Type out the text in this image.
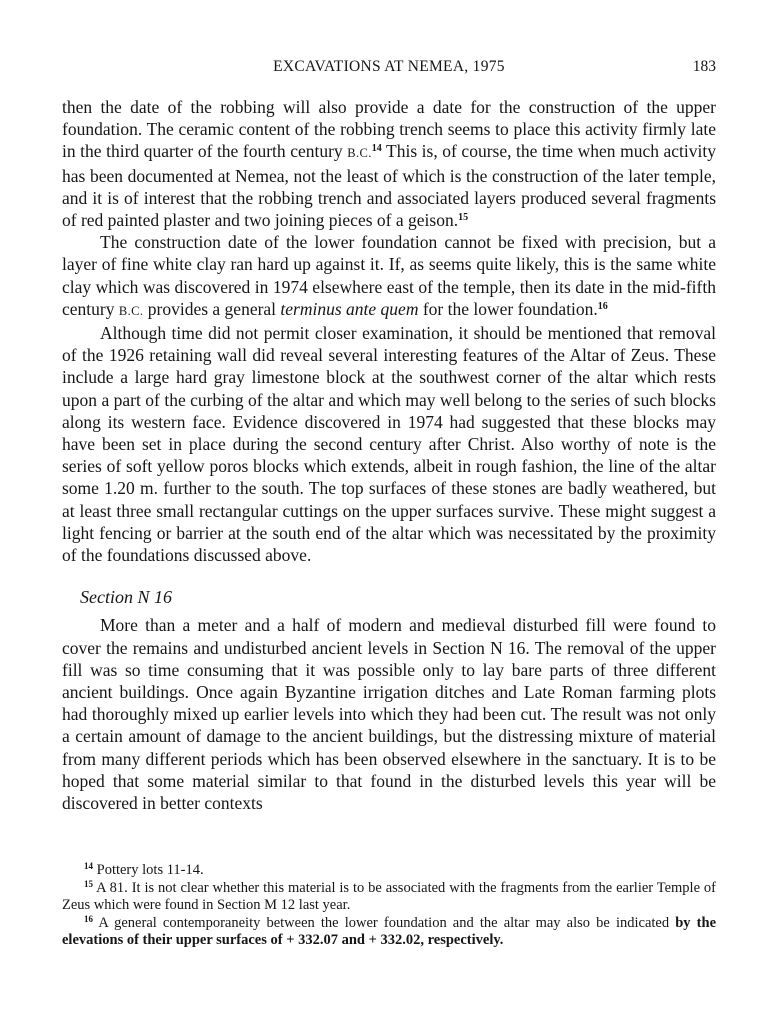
EXCAVATIONS AT NEMEA, 1975	183

then the date of the robbing will also provide a date for the construction of the upper foundation. The ceramic content of the robbing trench seems to place this activity firmly late in the third quarter of the fourth century B.C.$^{14}$ This is, of course, the time when much activity has been documented at Nemea, not the least of which is the construction of the later temple, and it is of interest that the robbing trench and associated layers produced several fragments of red painted plaster and two joining pieces of a geison.$^{15}$

The construction date of the lower foundation cannot be fixed with precision, but a layer of fine white clay ran hard up against it. If, as seems quite likely, this is the same white clay which was discovered in 1974 elsewhere east of the temple, then its date in the mid-fifth century B.C. provides a general terminus ante quem for the lower foundation.$^{16}$

Although time did not permit closer examination, it should be mentioned that removal of the 1926 retaining wall did reveal several interesting features of the Altar of Zeus. These include a large hard gray limestone block at the southwest corner of the altar which rests upon a part of the curbing of the altar and which may well belong to the series of such blocks along its western face. Evidence discovered in 1974 had suggested that these blocks may have been set in place during the second century after Christ. Also worthy of note is the series of soft yellow poros blocks which extends, albeit in rough fashion, the line of the altar some 1.20 m. further to the south. The top surfaces of these stones are badly weathered, but at least three small rectangular cuttings on the upper surfaces survive. These might suggest a light fencing or barrier at the south end of the altar which was necessitated by the proximity of the foundations discussed above.

Section N 16

More than a meter and a half of modern and medieval disturbed fill were found to cover the remains and undisturbed ancient levels in Section N 16. The removal of the upper fill was so time consuming that it was possible only to lay bare parts of three different ancient buildings. Once again Byzantine irrigation ditches and Late Roman farming plots had thoroughly mixed up earlier levels into which they had been cut. The result was not only a certain amount of damage to the ancient buildings, but the distressing mixture of material from many different periods which has been observed elsewhere in the sanctuary. It is to be hoped that some material similar to that found in the disturbed levels this year will be discovered in better contexts

$^{14}$ Pottery lots 11-14.

$^{15}$ A 81. It is not clear whether this material is to be associated with the fragments from the earlier Temple of Zeus which were found in Section M 12 last year.

$^{16}$ A general contemporaneity between the lower foundation and the altar may also be indicated by the elevations of their upper surfaces of + 332.07 and + 332.02, respectively.
